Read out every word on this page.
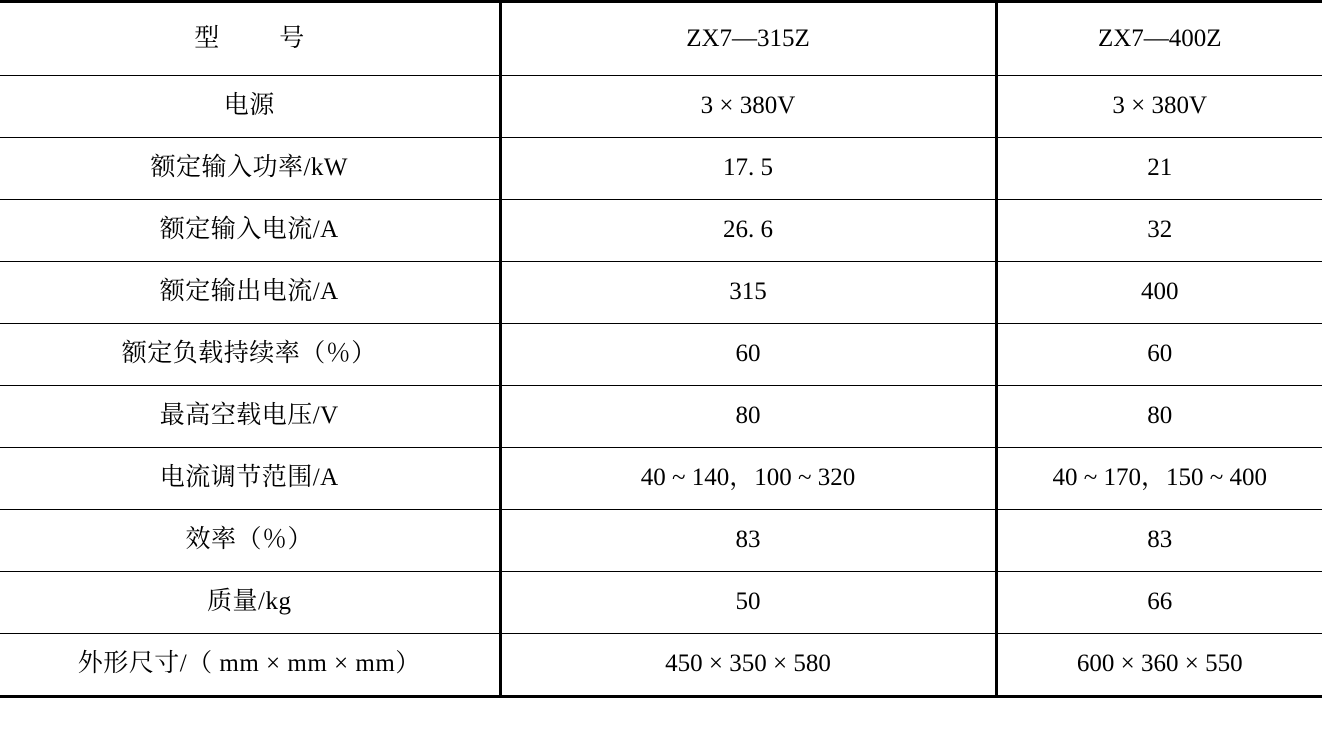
型 号	ZX7—315Z	ZX7—400Z
电源	3 × 380V	3 × 380V
额定输入功率/kW	17. 5	21
额定输入电流/A	26. 6	32
额定输出电流/A	315	400
额定负载持续率（％）	60	60
最高空载电压/V	80	80
电流调节范围/A	40 ~ 140，100 ~ 320	40 ~ 170，150 ~ 400
效率（％）	83	83
质量/kg	50	66
外形尺寸/（ mm × mm × mm）	450 × 350 × 580	600 × 360 × 550
